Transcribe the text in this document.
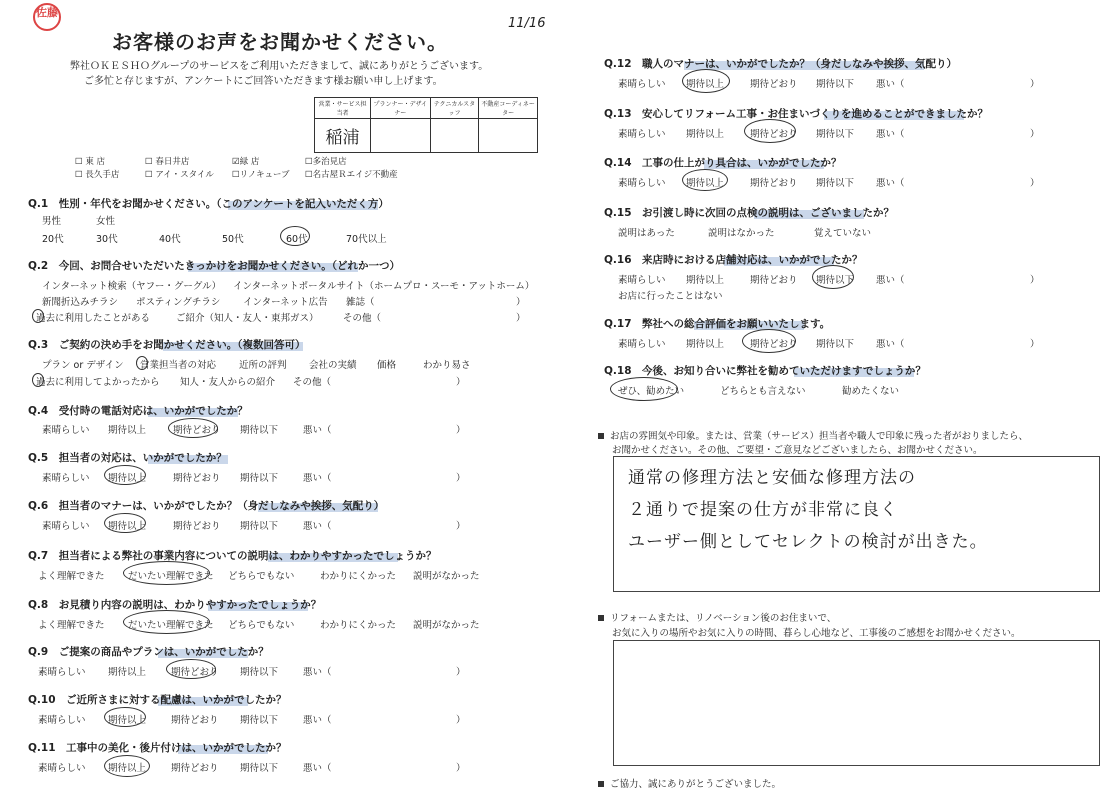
佐藤
お客様のお声をお聞かせください。
11/16
弊社ＯＫＥＳＨＯグループのサービスをご利用いただきまして、誠にありがとうございます。
ご多忙と存じますが、アンケートにご回答いただきます様お願い申し上げます。
営業・サービス担当者	プランナー・デザイナー	テクニカルスタッフ	不動産コーディネーター
稲浦			
☐ 東 店	☐ 春日井店	☑緑 店	☐多治見店
☐ 長久手店	☐ アイ・スタイル ☐リノキューブ ☐名古屋Ｒエイジ不動産
Q.1　性別・年代をお聞かせください。（このアンケートを記入いただく方）
男性	女性
20代	30代	40代	50代	60代	70代以上
Q.2　今回、お問合せいただいたきっかけをお聞かせください。（どれか一つ）
インターネット検索（ヤフー・グーグル） インターネットポータルサイト（ホームプロ・スーモ・アットホーム）
新聞折込みチラシ ポスティングチラシ インターネット広告 雑誌（	）
過去に利用したことがある	ご紹介（知人・友人・東邦ガス）	その他（	）
Q.3　ご契約の決め手をお聞かせください。（複数回答可）
プラン or デザイン 営業担当者の対応 近所の評判 会社の実績 価格	わかり易さ
過去に利用してよかったから 知人・友人からの紹介 その他（	）
Q.4　受付時の電話対応は、いかがでしたか？
素晴らしい 期待以上	期待どおり 期待以下	悪い（	）
Q.5　担当者の対応は、いかがでしたか？
素晴らしい 期待以上	期待どおり 期待以下	悪い（	）
Q.6　担当者のマナーは、いかがでしたか？（身だしなみや挨拶、気配り）
素晴らしい 期待以上	期待どおり 期待以下	悪い（	）
Q.7　担当者による弊社の事業内容についての説明は、わかりやすかったでしょうか？
よく理解できた だいたい理解できた どちらでもない	わかりにくかった 説明がなかった
Q.8　お見積り内容の説明は、わかりやすかったでしょうか？
よく理解できた だいたい理解できた どちらでもない	わかりにくかった 説明がなかった
Q.9　ご提案の商品やプランは、いかがでしたか？
素晴らしい 期待以上	期待どおり 期待以下	悪い（	）
Q.10　ご近所さまに対する配慮は、いかがでしたか？
素晴らしい 期待以上	期待どおり 期待以下	悪い（	）
Q.11　工事中の美化・後片付けは、いかがでしたか？
素晴らしい 期待以上	期待どおり 期待以下	悪い（	）
Q.12　職人のマナーは、いかがでしたか？（身だしなみや挨拶、気配り）
素晴らしい 期待以上	期待どおり 期待以下 悪い（	）
Q.13　安心してリフォーム工事・お住まいづくりを進めることができましたか？
素晴らしい 期待以上	期待どおり 期待以下 悪い（	）
Q.14　工事の仕上がり具合は、いかがでしたか？
素晴らしい 期待以上	期待どおり 期待以下 悪い（	）
Q.15　お引渡し時に次回の点検の説明は、ございましたか？
説明はあった	説明はなかった	覚えていない
Q.16　来店時における店舗対応は、いかがでしたか？
素晴らしい 期待以上	期待どおり 期待以下 悪い（	）
お店に行ったことはない
Q.17　弊社への総合評価をお願いいたします。
素晴らしい 期待以上	期待どおり 期待以下 悪い（	）
Q.18　今後、お知り合いに弊社を勧めていただけますでしょうか？
ぜひ、勧めたい	どちらとも言えない	勧めたくない
お店の雰囲気や印象。または、営業（サービス）担当者や職人で印象に残った者がおりましたら、
お聞かせください。その他、ご要望・ご意見などございましたら、お聞かせください。
通常の修理方法と安価な修理方法の
２通りで提案の仕方が非常に良く
ユーザー側としてセレクトの検討が出きた。
リフォームまたは、リノベーション後のお住まいで、
お気に入りの場所やお気に入りの時間、暮らし心地など、工事後のご感想をお聞かせください。
ご協力、誠にありがとうございました。
